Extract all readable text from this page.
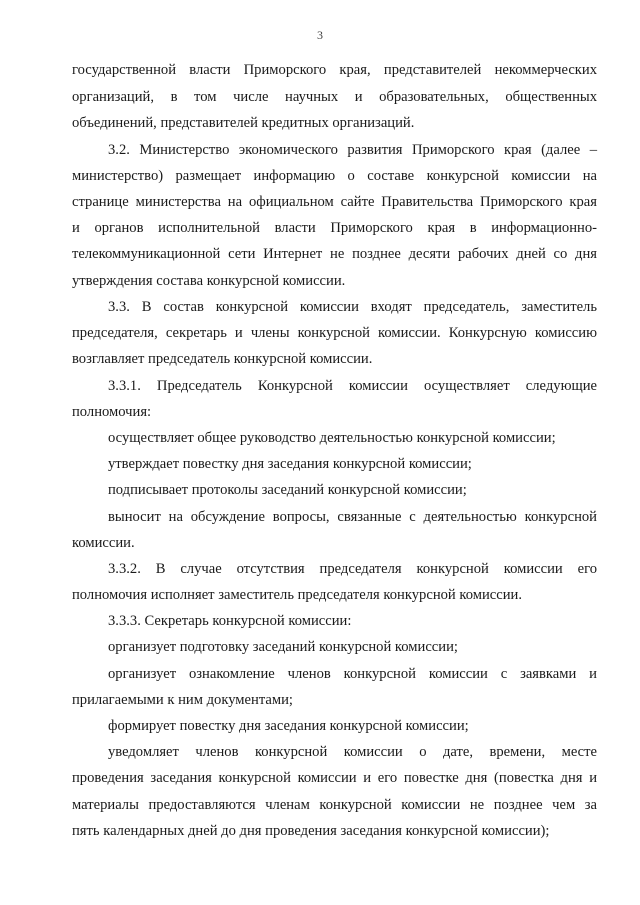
3
государственной власти Приморского края, представителей некоммерческих
организаций, в том числе научных и образовательных, общественных
объединений, представителей кредитных организаций.
3.2. Министерство экономического развития Приморского края (далее –
министерство) размещает информацию о составе конкурсной комиссии на
странице министерства на официальном сайте Правительства Приморского края
и органов исполнительной власти Приморского края в информационно-
телекоммуникационной сети Интернет не позднее десяти рабочих дней со дня
утверждения состава конкурсной комиссии.
3.3. В состав конкурсной комиссии входят председатель, заместитель
председателя, секретарь и члены конкурсной комиссии. Конкурсную комиссию
возглавляет председатель конкурсной комиссии.
3.3.1. Председатель Конкурсной комиссии осуществляет следующие
полномочия:
осуществляет общее руководство деятельностью конкурсной комиссии;
утверждает повестку дня заседания конкурсной комиссии;
подписывает протоколы заседаний конкурсной комиссии;
выносит на обсуждение вопросы, связанные с деятельностью конкурсной
комиссии.
3.3.2. В случае отсутствия председателя конкурсной комиссии его
полномочия исполняет заместитель председателя конкурсной комиссии.
3.3.3. Секретарь конкурсной комиссии:
организует подготовку заседаний конкурсной комиссии;
организует ознакомление членов конкурсной комиссии с заявками и
прилагаемыми к ним документами;
формирует повестку дня заседания конкурсной комиссии;
уведомляет членов конкурсной комиссии о дате, времени, месте
проведения заседания конкурсной комиссии и его повестке дня (повестка дня и
материалы предоставляются членам конкурсной комиссии не позднее чем за
пять календарных дней до дня проведения заседания конкурсной комиссии);
